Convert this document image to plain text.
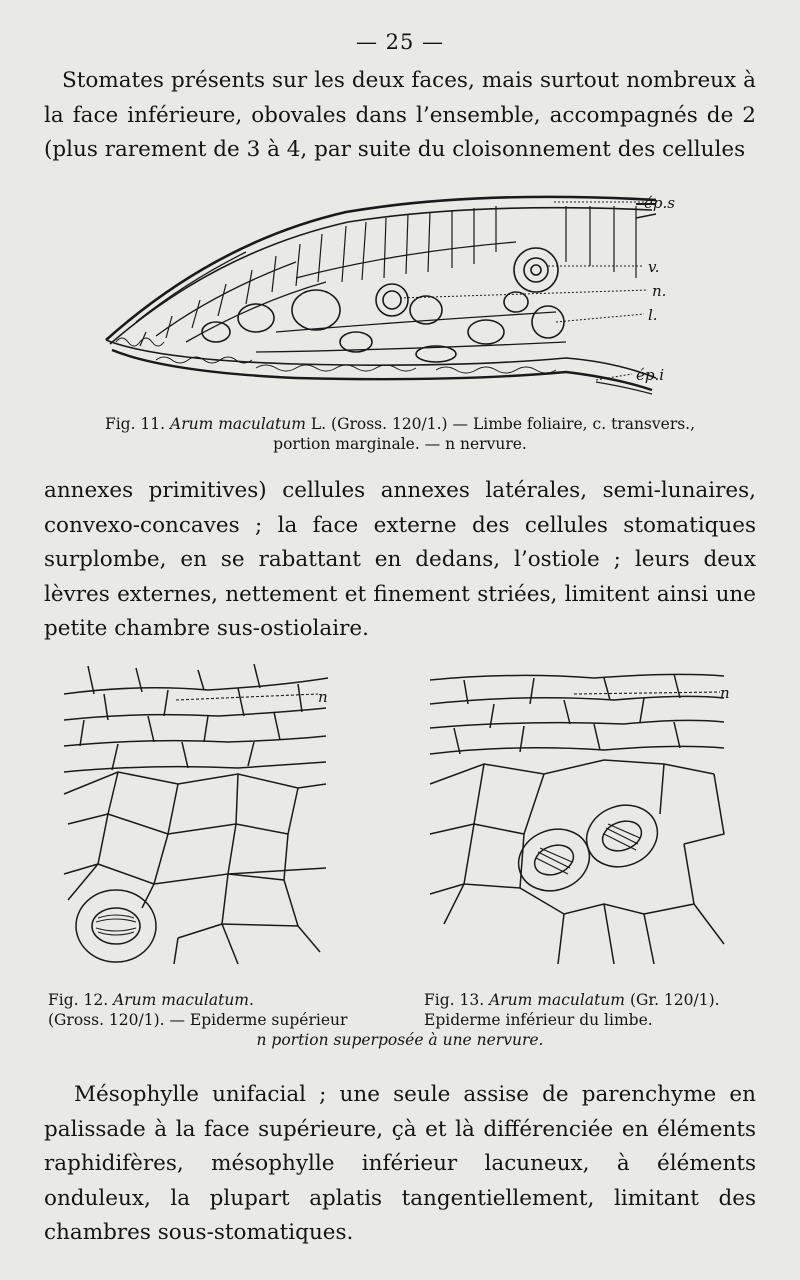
— 25 —

Stomates présents sur les deux faces, mais surtout nombreux à la face inférieure, obovales dans l’ensemble, accompagnés de 2 (plus rarement de 3 à 4, par suite du cloisonnement des cellules

ép.s
v.
n.
l.
ép.i
Fig. 11. Arum maculatum L. (Gross. 120/1.) — Limbe foliaire, c. transvers.,
portion marginale. — n nervure.

annexes primitives) cellules annexes latérales, semi-lunaires, convexo-concaves ; la face externe des cellules stomatiques surplombe, en se rabattant en dedans, l’ostiole ; leurs deux lèvres externes, nettement et finement striées, limitent ainsi une petite chambre sus-ostiolaire.

n	n
Fig. 12. Arum maculatum.
(Gross. 120/1). — Epiderme supérieur
Fig. 13. Arum maculatum (Gr. 120/1).
Epiderme inférieur du limbe.
n portion superposée à une nervure.

Mésophylle unifacial ; une seule assise de parenchyme en palissade à la face supérieure, çà et là différenciée en éléments raphidifères, mésophylle inférieur lacuneux, à éléments onduleux, la plupart aplatis tangentiellement, limitant des chambres sous-stomatiques.
